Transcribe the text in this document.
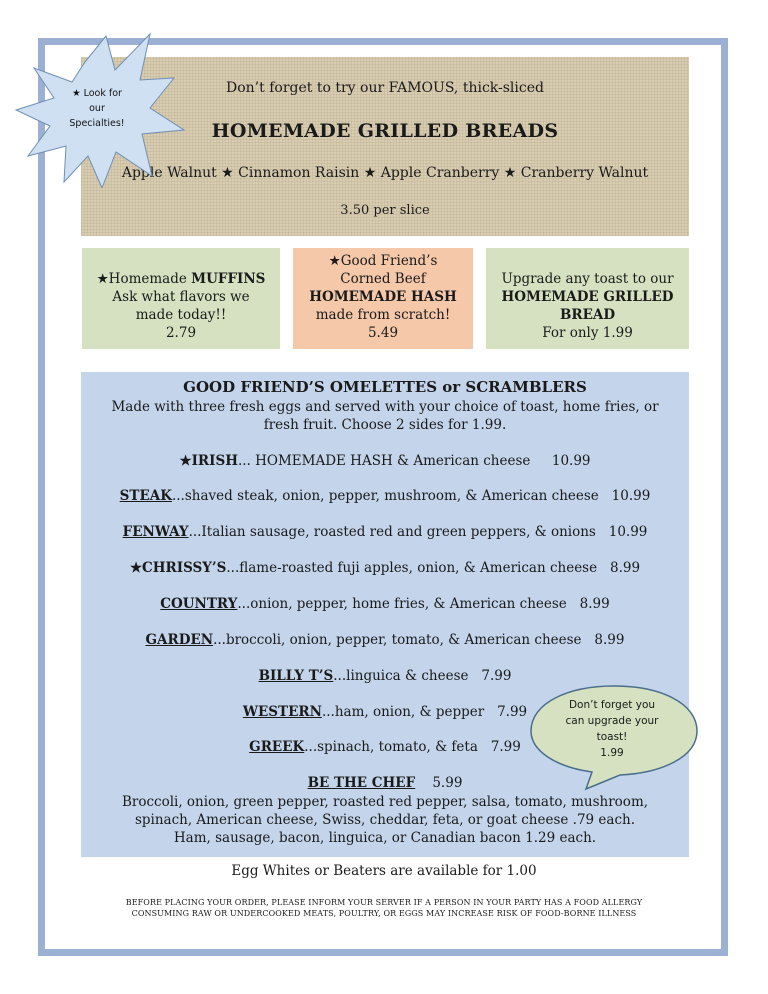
Don’t forget to try our FAMOUS, thick-sliced
HOMEMADE GRILLED BREADS
Apple Walnut ★ Cinnamon Raisin ★ Apple Cranberry ★ Cranberry Walnut
3.50 per slice
★ Look for
our
Specialties!
★Homemade MUFFINS
Ask what flavors we
made today!!
2.79
★Good Friend’s
Corned Beef
HOMEMADE HASH
made from scratch!
5.49
Upgrade any toast to our
HOMEMADE GRILLED
BREAD
For only 1.99
GOOD FRIEND’S OMELETTES or SCRAMBLERS
Made with three fresh eggs and served with your choice of toast, home fries, or fresh fruit. Choose 2 sides for 1.99.
★IRISH... HOMEMADE HASH & American cheese 10.99
STEAK...shaved steak, onion, pepper, mushroom, & American cheese 10.99
FENWAY...Italian sausage, roasted red and green peppers, & onions 10.99
★CHRISSY’S...flame-roasted fuji apples, onion, & American cheese 8.99
COUNTRY...onion, pepper, home fries, & American cheese 8.99
GARDEN...broccoli, onion, pepper, tomato, & American cheese 8.99
BILLY T’S...linguica & cheese 7.99
WESTERN...ham, onion, & pepper 7.99
GREEK...spinach, tomato, & feta 7.99
BE THE CHEF 5.99
Broccoli, onion, green pepper, roasted red pepper, salsa, tomato, mushroom,
spinach, American cheese, Swiss, cheddar, feta, or goat cheese .79 each.
Ham, sausage, bacon, linguica, or Canadian bacon 1.29 each.
Don’t forget you
can upgrade your
toast!
1.99
Egg Whites or Beaters are available for 1.00
BEFORE PLACING YOUR ORDER, PLEASE INFORM YOUR SERVER IF A PERSON IN YOUR PARTY HAS A FOOD ALLERGY
CONSUMING RAW OR UNDERCOOKED MEATS, POULTRY, OR EGGS MAY INCREASE RISK OF FOOD-BORNE ILLNESS
